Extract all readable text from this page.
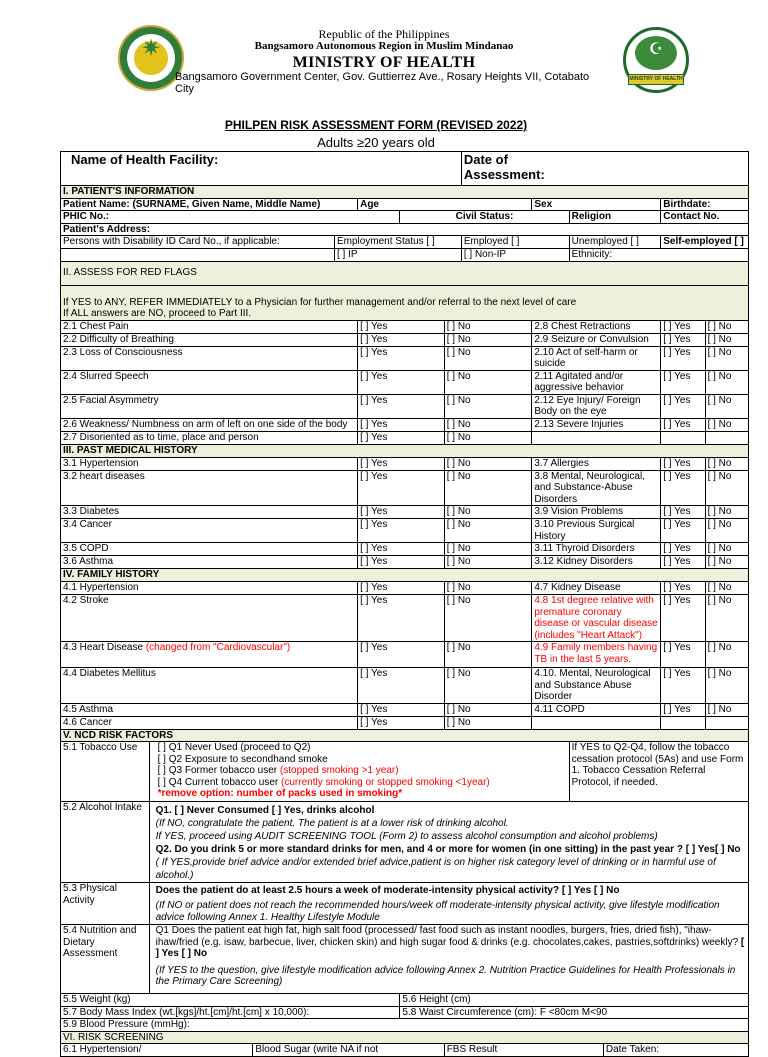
✷	☪
MINISTRY OF HEALTH
Republic of the Philippines
Bangsamoro Autonomous Region in Muslim Mindanao
MINISTRY OF HEALTH
Bangsamoro Government Center, Gov. Guttierrez Ave., Rosary Heights VII, Cotabato City
PHILPEN RISK ASSESSMENT FORM (REVISED 2022)
Adults ≥20 years old
Name of Health Facility:							Date of
Assessment:					

I. PATIENT'S INFORMATION												
Patient Name: (SURNAME, Given Name, Middle Name)				Age				Sex			Birthdate:	
PHIC No.:					Civil Status:				Religion		Contact No.	
Patient's Address:												
Persons with Disability ID Card No., if applicable:			Employment Status [ ]				Employed [ ]		Unemployed [ ]		Self-employed [ ]	
			[ ] IP				[ ] Non-IP		Ethnicity:			
II. ASSESS FOR RED FLAGS												

If YES to ANY, REFER IMMEDIATELY to a Physician for further management and/or referral to the next level of care
If ALL answers are NO, proceed to Part III.												

2.1 Chest Pain				[ ] Yes		[ ] No		2.8 Chest Retractions			[ ] Yes	[ ] No
2.2 Difficulty of Breathing				[ ] Yes		[ ] No		2.9 Seizure or Convulsion			[ ] Yes	[ ] No
2.3 Loss of Consciousness				[ ] Yes		[ ] No		2.10 Act of self-harm or suicide			[ ] Yes	[ ] No
2.4 Slurred Speech				[ ] Yes		[ ] No		2.11 Agitated and/or aggressive behavior			[ ] Yes	[ ] No
2.5 Facial Asymmetry				[ ] Yes		[ ] No		2.12 Eye Injury/ Foreign Body on the eye			[ ] Yes	[ ] No
2.6 Weakness/ Numbness on arm of left on one side of the body				[ ] Yes		[ ] No		2.13 Severe Injuries			[ ] Yes	[ ] No
2.7 Disoriented as to time, place and person				[ ] Yes		[ ] No						
III. PAST MEDICAL HISTORY												
3.1 Hypertension				[ ] Yes		[ ] No		3.7 Allergies			[ ] Yes	[ ] No
3.2 heart diseases				[ ] Yes		[ ] No		3.8 Mental, Neurological, and Substance-Abuse Disorders			[ ] Yes	[ ] No
3.3 Diabetes				[ ] Yes		[ ] No		3.9 Vision Problems			[ ] Yes	[ ] No
3.4 Cancer				[ ] Yes		[ ] No		3.10 Previous Surgical History			[ ] Yes	[ ] No
3.5 COPD				[ ] Yes		[ ] No		3.11 Thyroid Disorders			[ ] Yes	[ ] No
3.6 Asthma				[ ] Yes		[ ] No		3.12 Kidney Disorders			[ ] Yes	[ ] No
IV. FAMILY HISTORY												
4.1 Hypertension				[ ] Yes		[ ] No		4.7 Kidney Disease			[ ] Yes	[ ] No
4.2 Stroke				[ ] Yes		[ ] No		4.8 1st degree relative with premature coronary disease or vascular disease (includes "Heart Attack")			[ ] Yes	[ ] No
4.3 Heart Disease (changed from "Cardiovascular")				[ ] Yes		[ ] No		4.9 Family members having TB in the last 5 years.			[ ] Yes	[ ] No
4.4 Diabetes Mellitus				[ ] Yes		[ ] No		4.10. Mental, Neurological and Substance Abuse Disorder			[ ] Yes	[ ] No
4.5 Asthma				[ ] Yes		[ ] No		4.11 COPD			[ ] Yes	[ ] No
4.6 Cancer				[ ] Yes		[ ] No						
V. NCD RISK FACTORS												
5.1 Tobacco Use	[ ] Q1 Never Used (proceed to Q2)
[ ] Q2 Exposure to secondhand smoke
[ ] Q3 Former tobacco user (stopped smoking >1 year)
[ ] Q4 Current tobacco user (currently smoking or stopped smoking <1year)
*remove option: number of packs used in smoking*								If YES to Q2-Q4, follow the tobacco cessation protocol (5As) and use Form 1. Tobacco Cessation Referral Protocol, if needed.			
5.2 Alcohol Intake	Q1. [ ] Never Consumed [ ] Yes, drinks alcohol
(If NO, congratulate the patient. The patient is at a lower risk of drinking alcohol.
If YES, proceed using AUDIT SCREENING TOOL (Form 2) to assess alcohol consumption and alcohol problems)
Q2. Do you drink 5 or more standard drinks for men, and 4 or more for women (in one sitting) in the past year ? [ ] Yes[ ] No
( If YES,provide brief advice and/or extended brief advice,patient is on higher risk category level of drinking or in harmful use of alcohol.)											

5.3 Physical Activity	Does the patient do at least 2.5 hours a week of moderate-intensity physical activity? [ ] Yes [ ] No
(If NO or patient does not reach the recommended hours/week off moderate-intensity physical activity, give lifestyle modification advice following Annex 1. Healthy Lifestyle Module											

5.4 Nutrition and Dietary Assessment	Q1 Does the patient eat high fat, high salt food (processed/ fast food such as instant noodles, burgers, fries, dried fish), "ihaw-ihaw/fried (e.g. isaw, barbecue, liver, chicken skin) and high sugar food & drinks (e.g. chocolates,cakes, pastries,softdrinks) weekly? [ ] Yes [ ] No
(If YES to the question, give lifestyle modification advice following Annex 2. Nutrition Practice Guidelines for Health Professionals in the Primary Care Screening)											

5.5 Weight (kg)					5.6 Height (cm)							
5.7 Body Mass Index (wt.[kgs]/ht.[cm]/ht.[cm] x 10,000):					5.8 Waist Circumference (cm): F <80cm M<90							
5.9 Blood Pressure (mmHg):												
VI. RISK SCREENING												
6.1 Hypertension/		Blood Sugar (write NA if not				FBS Result				Date Taken:		
